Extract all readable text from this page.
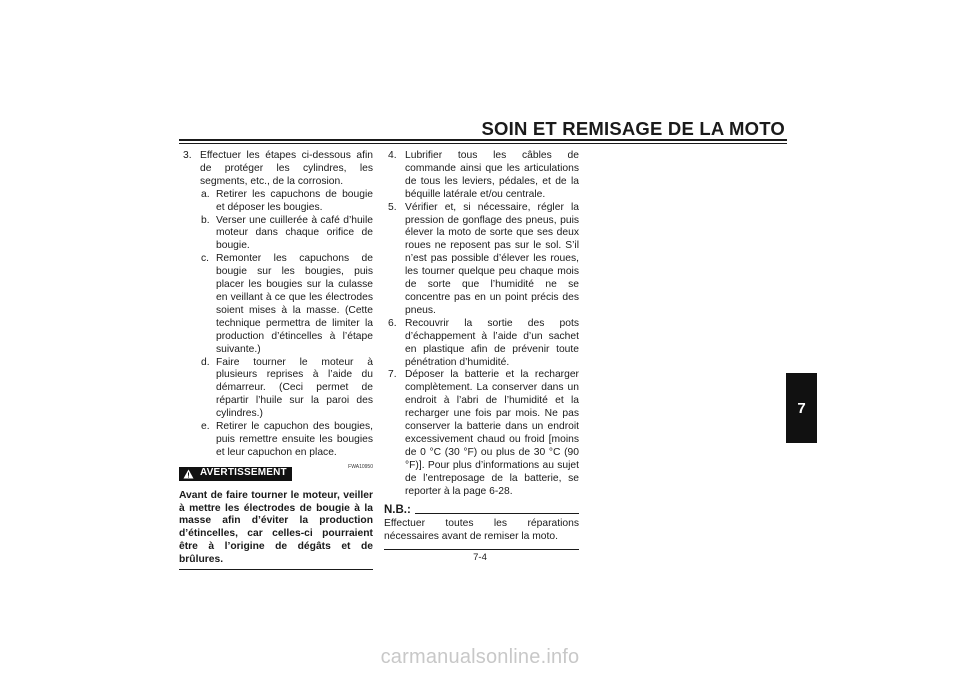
SOIN ET REMISAGE DE LA MOTO
7
3. Effectuer les étapes ci-dessous afin de protéger les cylindres, les segments, etc., de la corrosion.
a. Retirer les capuchons de bougie et déposer les bougies.
b. Verser une cuillerée à café d’huile moteur dans chaque orifice de bougie.
c. Remonter les capuchons de bougie sur les bougies, puis placer les bougies sur la culasse en veillant à ce que les électrodes soient mises à la masse. (Cette technique permettra de limiter la production d’étincelles à l’étape suivante.)
d. Faire tourner le moteur à plusieurs reprises à l’aide du démarreur. (Ceci permet de répartir l’huile sur la paroi des cylindres.)
e. Retirer le capuchon des bougies, puis remettre ensuite les bougies et leur capuchon en place.
FWA10950
AVERTISSEMENT
Avant de faire tourner le moteur, veiller à mettre les électrodes de bougie à la masse afin d’éviter la production d’étincelles, car celles-ci pourraient être à l’origine de dégâts et de brûlures.
4. Lubrifier tous les câbles de commande ainsi que les articulations de tous les leviers, pédales, et de la béquille latérale et/ou centrale.
5. Vérifier et, si nécessaire, régler la pression de gonflage des pneus, puis élever la moto de sorte que ses deux roues ne reposent pas sur le sol. S’il n’est pas possible d’élever les roues, les tourner quelque peu chaque mois de sorte que l’humidité ne se concentre pas en un point précis des pneus.
6. Recouvrir la sortie des pots d’échappement à l’aide d’un sachet en plastique afin de prévenir toute pénétration d’humidité.
7. Déposer la batterie et la recharger complètement. La conserver dans un endroit à l’abri de l’humidité et la recharger une fois par mois. Ne pas conserver la batterie dans un endroit excessivement chaud ou froid [moins de 0 °C (30 °F) ou plus de 30 °C (90 °F)]. Pour plus d’informations au sujet de l’entreposage de la batterie, se reporter à la page 6-28.
N.B.:
Effectuer toutes les réparations nécessaires avant de remiser la moto.
7-4
carmanualsonline.info
